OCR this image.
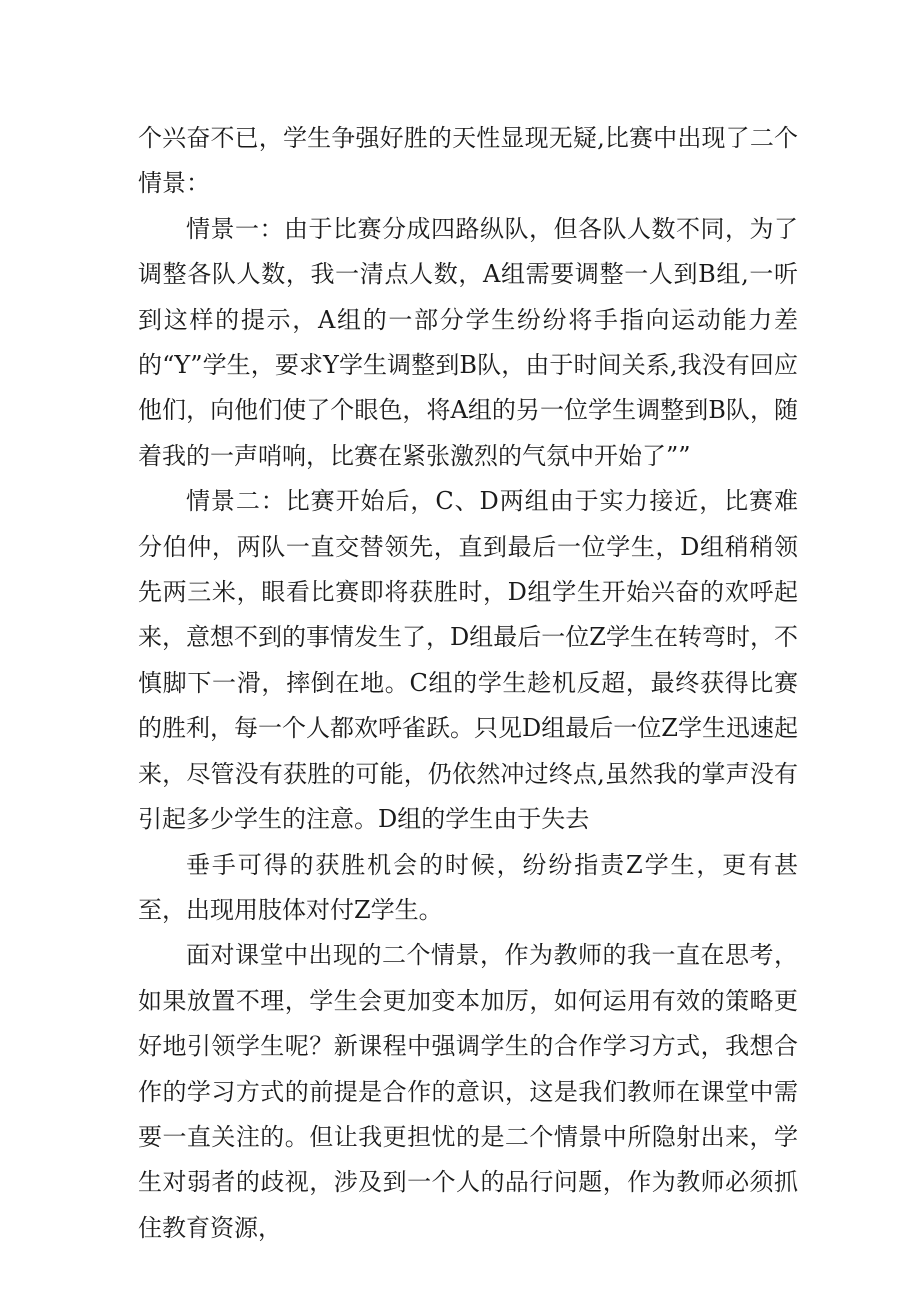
个兴奋不已，学生争强好胜的天性显现无疑,比赛中出现了二个情景：

情景一：由于比赛分成四路纵队，但各队人数不同，为了调整各队人数，我一清点人数，A组需要调整一人到B组,一听到这样的提示，A组的一部分学生纷纷将手指向运动能力差的“Y”学生，要求Y学生调整到B队，由于时间关系,我没有回应他们，向他们使了个眼色，将A组的另一位学生调整到B队，随着我的一声哨响，比赛在紧张激烈的气氛中开始了””

情景二：比赛开始后，C、D两组由于实力接近，比赛难分伯仲，两队一直交替领先，直到最后一位学生，D组稍稍领先两三米，眼看比赛即将获胜时，D组学生开始兴奋的欢呼起来，意想不到的事情发生了，D组最后一位Z学生在转弯时，不慎脚下一滑，摔倒在地。C组的学生趁机反超，最终获得比赛的胜利，每一个人都欢呼雀跃。只见D组最后一位Z学生迅速起来，尽管没有获胜的可能，仍依然冲过终点,虽然我的掌声没有引起多少学生的注意。D组的学生由于失去

垂手可得的获胜机会的时候，纷纷指责Z学生，更有甚至，出现用肢体对付Z学生。

面对课堂中出现的二个情景，作为教师的我一直在思考，如果放置不理，学生会更加变本加厉，如何运用有效的策略更好地引领学生呢？新课程中强调学生的合作学习方式，我想合作的学习方式的前提是合作的意识，这是我们教师在课堂中需要一直关注的。但让我更担忧的是二个情景中所隐射出来，学生对弱者的歧视，涉及到一个人的品行问题，作为教师必须抓住教育资源，
